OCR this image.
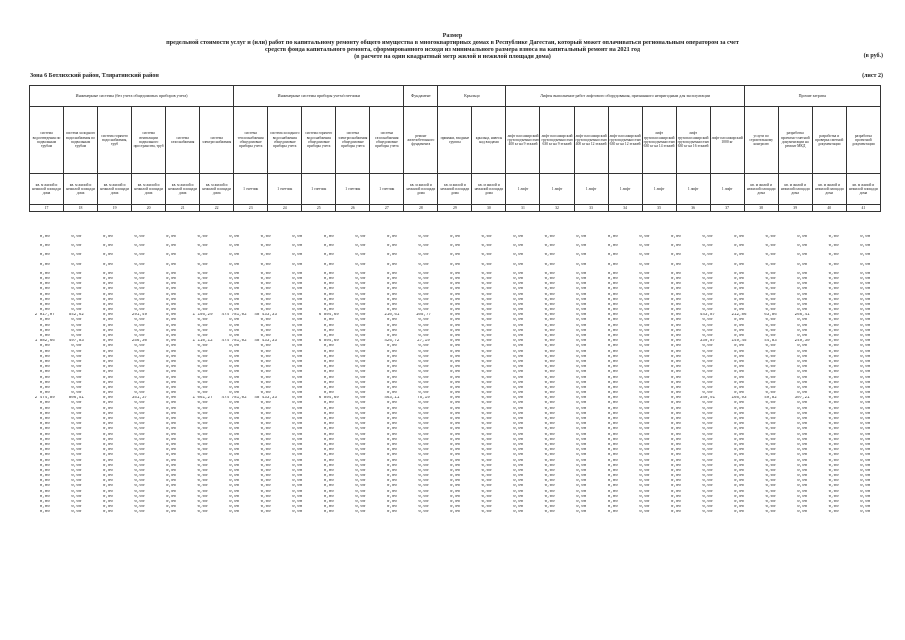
Размер
предельной стоимости услуг и (или) работ по капитальному ремонту общего имущества в многоквартирных домах в Республике Дагестан, который может оплачиваться региональным оператором за счет
средств фонда капитального ремонта, сформированного исходя из минимального размера взноса на капитальный ремонт на 2021 год
(в расчете на один квадратный метр жилой и нежилой площади дома)	(в руб.)
Зона 6 Ботлихский район, Тляратинский район	(лист 2)
Инженерные системы (без учета общедомовых приборов учета)						Инженерные системы приборы учета/счетчики					Фундамент	Крыльцо		Лифты выполнение работ лифтового оборудования, признанного непригодным для эксплуатации							Прочие затраты			
система водоотведения по подвальным трубам	система холодного водоснабжения по подвальным трубам	система горячего водоснабжения, труб	система вентиляции подвального пространства, труб	система газоснабжения	система электроснабжения	система теплоснабжения общедомовые приборы учета	система холодного водоснабжения общедомовые приборы учета	система горячего водоснабжения общедомовые приборы учета	система электроснабжения общедомовые приборы учета	система газоснабжения общедомовые приборы учета	ремонт железобетонного фундамента	приямки, входные группы	крыльца, навесы над входами	лифт пассажирский грузоподъемностью 400 кг на 9 этажей	лифт пассажирский грузоподъемностью 630 кг на 9 этажей	лифт пассажирский грузоподъемностью 400 кг на 12 этажей	лифт пассажирский грузоподъемностью 630 кг на 12 этажей	лифт грузопассажирский грузоподъемностью 630 кг на 14 этажей	лифт грузопассажирский грузоподъемностью 630 кг на 16 этажей	лифт пассажирский 1000 кг	услуги по строительному контролю	разработка проектно-сметной документации на ремонт МКД	разработка и проверка сметной документации	разработка проектной документации
кв. м жилой и нежилой площади дома	кв. м жилой и нежилой площади дома	кв. м жилой и нежилой площади дома	кв. м жилой и нежилой площади дома	кв. м жилой и нежилой площади дома	кв. м жилой и нежилой площади дома	1 счетчик	1 счетчик	1 счетчик	1 счетчик	1 счетчик	кв. м жилой и нежилой площади дома	кв. м жилой и нежилой площади дома	кв. м жилой и нежилой площади дома	1 лифт	1 лифт	1 лифт	1 лифт	1 лифт	1 лифт	1 лифт	кв. м жилой и нежилой площади дома	кв. м жилой и нежилой площади дома	кв. м жилой и нежилой площади дома	кв. м жилой и нежилой площади дома
17	18	19	20	21	22	23	24	25	26	27	28	29	30	31	32	33	34	35	36	37	38	39	40	41
0,00	0,00	0,00	0,00	0,00	0,00	0,00	0,00	0,00	0,00	0,00	0,00	0,00	0,00	0,00	0,00	0,00	0,00	0,00	0,00	0,00	0,00	0,00	0,00	0,00	0,00	0,00
0,00	0,00	0,00	0,00	0,00	0,00	0,00	0,00	0,00	0,00	0,00	0,00	0,00	0,00	0,00	0,00	0,00	0,00	0,00	0,00	0,00	0,00	0,00	0,00	0,00	0,00	0,00
0,00	0,00	0,00	0,00	0,00	0,00	0,00	0,00	0,00	0,00	0,00	0,00	0,00	0,00	0,00	0,00	0,00	0,00	0,00	0,00	0,00	0,00	0,00	0,00	0,00	0,00	0,00
0,00	0,00	0,00	0,00	0,00	0,00	0,00	0,00	0,00	0,00	0,00	0,00	0,00	0,00	0,00	0,00	0,00	0,00	0,00	0,00	0,00	0,00	0,00	0,00	0,00	0,00	0,00
0,00	0,00	0,00	0,00	0,00	0,00	0,00	0,00	0,00	0,00	0,00	0,00	0,00	0,00	0,00	0,00	0,00	0,00	0,00	0,00	0,00	0,00	0,00	0,00	0,00	0,00	0,00
0,00	0,00	0,00	0,00	0,00	0,00	0,00	0,00	0,00	0,00	0,00	0,00	0,00	0,00	0,00	0,00	0,00	0,00	0,00	0,00	0,00	0,00	0,00	0,00	0,00	0,00	0,00
0,00	0,00	0,00	0,00	0,00	0,00	0,00	0,00	0,00	0,00	0,00	0,00	0,00	0,00	0,00	0,00	0,00	0,00	0,00	0,00	0,00	0,00	0,00	0,00	0,00	0,00	0,00
0,00	0,00	0,00	0,00	0,00	0,00	0,00	0,00	0,00	0,00	0,00	0,00	0,00	0,00	0,00	0,00	0,00	0,00	0,00	0,00	0,00	0,00	0,00	0,00	0,00	0,00	0,00
0,00	0,00	0,00	0,00	0,00	0,00	0,00	0,00	0,00	0,00	0,00	0,00	0,00	0,00	0,00	0,00	0,00	0,00	0,00	0,00	0,00	0,00	0,00	0,00	0,00	0,00	0,00
0,00	0,00	0,00	0,00	0,00	0,00	0,00	0,00	0,00	0,00	0,00	0,00	0,00	0,00	0,00	0,00	0,00	0,00	0,00	0,00	0,00	0,00	0,00	0,00	0,00	0,00	0,00
0,00	0,00	0,00	0,00	0,00	0,00	0,00	0,00	0,00	0,00	0,00	0,00	0,00	0,00	0,00	0,00	0,00	0,00	0,00	0,00	0,00	0,00	0,00	0,00	0,00	0,00	0,00
0,00	0,00	0,00	0,00	0,00	0,00	0,00	0,00	0,00	0,00	0,00	0,00	0,00	0,00	0,00	0,00	0,00	0,00	0,00	0,00	0,00	0,00	0,00	0,00	0,00	0,00	0,00
2 017,07	542,62	0,00	291,49	0,00	1 195,29	474 781,02	48 433,33	0,00	6 894,69	0,00	210,61	105,77	0,00	0,00	0,00	0,00	0,00	0,00	0,00	0,00	443,87	212,86	63,86	266,41	0,00	0,00
0,00	0,00	0,00	0,00	0,00	0,00	0,00	0,00	0,00	0,00	0,00	0,00	0,00	0,00	0,00	0,00	0,00	0,00	0,00	0,00	0,00	0,00	0,00	0,00	0,00	0,00	0,00
0,00	0,00	0,00	0,00	0,00	0,00	0,00	0,00	0,00	0,00	0,00	0,00	0,00	0,00	0,00	0,00	0,00	0,00	0,00	0,00	0,00	0,00	0,00	0,00	0,00	0,00	0,00
0,00	0,00	0,00	0,00	0,00	0,00	0,00	0,00	0,00	0,00	0,00	0,00	0,00	0,00	0,00	0,00	0,00	0,00	0,00	0,00	0,00	0,00	0,00	0,00	0,00	0,00	0,00
0,00	0,00	0,00	0,00	0,00	0,00	0,00	0,00	0,00	0,00	0,00	0,00	0,00	0,00	0,00	0,00	0,00	0,00	0,00	0,00	0,00	0,00	0,00	0,00	0,00	0,00	0,00
1 882,66	497,83	0,00	256,30	0,00	1 110,12	474 781,02	48 433,33	0,00	6 894,69	0,00	426,72	27,19	0,00	0,00	0,00	0,00	0,00	0,00	0,00	0,00	339,87	149,45	44,83	249,30	0,00	0,00
0,00	0,00	0,00	0,00	0,00	0,00	0,00	0,00	0,00	0,00	0,00	0,00	0,00	0,00	0,00	0,00	0,00	0,00	0,00	0,00	0,00	0,00	0,00	0,00	0,00	0,00	0,00
0,00	0,00	0,00	0,00	0,00	0,00	0,00	0,00	0,00	0,00	0,00	0,00	0,00	0,00	0,00	0,00	0,00	0,00	0,00	0,00	0,00	0,00	0,00	0,00	0,00	0,00	0,00
0,00	0,00	0,00	0,00	0,00	0,00	0,00	0,00	0,00	0,00	0,00	0,00	0,00	0,00	0,00	0,00	0,00	0,00	0,00	0,00	0,00	0,00	0,00	0,00	0,00	0,00	0,00
0,00	0,00	0,00	0,00	0,00	0,00	0,00	0,00	0,00	0,00	0,00	0,00	0,00	0,00	0,00	0,00	0,00	0,00	0,00	0,00	0,00	0,00	0,00	0,00	0,00	0,00	0,00
0,00	0,00	0,00	0,00	0,00	0,00	0,00	0,00	0,00	0,00	0,00	0,00	0,00	0,00	0,00	0,00	0,00	0,00	0,00	0,00	0,00	0,00	0,00	0,00	0,00	0,00	0,00
0,00	0,00	0,00	0,00	0,00	0,00	0,00	0,00	0,00	0,00	0,00	0,00	0,00	0,00	0,00	0,00	0,00	0,00	0,00	0,00	0,00	0,00	0,00	0,00	0,00	0,00	0,00
0,00	0,00	0,00	0,00	0,00	0,00	0,00	0,00	0,00	0,00	0,00	0,00	0,00	0,00	0,00	0,00	0,00	0,00	0,00	0,00	0,00	0,00	0,00	0,00	0,00	0,00	0,00
0,00	0,00	0,00	0,00	0,00	0,00	0,00	0,00	0,00	0,00	0,00	0,00	0,00	0,00	0,00	0,00	0,00	0,00	0,00	0,00	0,00	0,00	0,00	0,00	0,00	0,00	0,00
0,00	0,00	0,00	0,00	0,00	0,00	0,00	0,00	0,00	0,00	0,00	0,00	0,00	0,00	0,00	0,00	0,00	0,00	0,00	0,00	0,00	0,00	0,00	0,00	0,00	0,00	0,00
0,00	0,00	0,00	0,00	0,00	0,00	0,00	0,00	0,00	0,00	0,00	0,00	0,00	0,00	0,00	0,00	0,00	0,00	0,00	0,00	0,00	0,00	0,00	0,00	0,00	0,00	0,00
2 474,89	806,51	0,00	351,37	0,00	1 061,27	474 781,02	48 433,33	0,00	6 894,69	0,00	463,11	75,19	0,00	0,00	0,00	0,00	0,00	0,00	0,00	0,00	349,91	166,93	49,82	307,21	0,00	0,00
0,00	0,00	0,00	0,00	0,00	0,00	0,00	0,00	0,00	0,00	0,00	0,00	0,00	0,00	0,00	0,00	0,00	0,00	0,00	0,00	0,00	0,00	0,00	0,00	0,00	0,00	0,00
0,00	0,00	0,00	0,00	0,00	0,00	0,00	0,00	0,00	0,00	0,00	0,00	0,00	0,00	0,00	0,00	0,00	0,00	0,00	0,00	0,00	0,00	0,00	0,00	0,00	0,00	0,00
0,00	0,00	0,00	0,00	0,00	0,00	0,00	0,00	0,00	0,00	0,00	0,00	0,00	0,00	0,00	0,00	0,00	0,00	0,00	0,00	0,00	0,00	0,00	0,00	0,00	0,00	0,00
0,00	0,00	0,00	0,00	0,00	0,00	0,00	0,00	0,00	0,00	0,00	0,00	0,00	0,00	0,00	0,00	0,00	0,00	0,00	0,00	0,00	0,00	0,00	0,00	0,00	0,00	0,00
0,00	0,00	0,00	0,00	0,00	0,00	0,00	0,00	0,00	0,00	0,00	0,00	0,00	0,00	0,00	0,00	0,00	0,00	0,00	0,00	0,00	0,00	0,00	0,00	0,00	0,00	0,00
0,00	0,00	0,00	0,00	0,00	0,00	0,00	0,00	0,00	0,00	0,00	0,00	0,00	0,00	0,00	0,00	0,00	0,00	0,00	0,00	0,00	0,00	0,00	0,00	0,00	0,00	0,00
0,00	0,00	0,00	0,00	0,00	0,00	0,00	0,00	0,00	0,00	0,00	0,00	0,00	0,00	0,00	0,00	0,00	0,00	0,00	0,00	0,00	0,00	0,00	0,00	0,00	0,00	0,00
0,00	0,00	0,00	0,00	0,00	0,00	0,00	0,00	0,00	0,00	0,00	0,00	0,00	0,00	0,00	0,00	0,00	0,00	0,00	0,00	0,00	0,00	0,00	0,00	0,00	0,00	0,00
0,00	0,00	0,00	0,00	0,00	0,00	0,00	0,00	0,00	0,00	0,00	0,00	0,00	0,00	0,00	0,00	0,00	0,00	0,00	0,00	0,00	0,00	0,00	0,00	0,00	0,00	0,00
0,00	0,00	0,00	0,00	0,00	0,00	0,00	0,00	0,00	0,00	0,00	0,00	0,00	0,00	0,00	0,00	0,00	0,00	0,00	0,00	0,00	0,00	0,00	0,00	0,00	0,00	0,00
0,00	0,00	0,00	0,00	0,00	0,00	0,00	0,00	0,00	0,00	0,00	0,00	0,00	0,00	0,00	0,00	0,00	0,00	0,00	0,00	0,00	0,00	0,00	0,00	0,00	0,00	0,00
0,00	0,00	0,00	0,00	0,00	0,00	0,00	0,00	0,00	0,00	0,00	0,00	0,00	0,00	0,00	0,00	0,00	0,00	0,00	0,00	0,00	0,00	0,00	0,00	0,00	0,00	0,00
0,00	0,00	0,00	0,00	0,00	0,00	0,00	0,00	0,00	0,00	0,00	0,00	0,00	0,00	0,00	0,00	0,00	0,00	0,00	0,00	0,00	0,00	0,00	0,00	0,00	0,00	0,00
0,00	0,00	0,00	0,00	0,00	0,00	0,00	0,00	0,00	0,00	0,00	0,00	0,00	0,00	0,00	0,00	0,00	0,00	0,00	0,00	0,00	0,00	0,00	0,00	0,00	0,00	0,00
0,00	0,00	0,00	0,00	0,00	0,00	0,00	0,00	0,00	0,00	0,00	0,00	0,00	0,00	0,00	0,00	0,00	0,00	0,00	0,00	0,00	0,00	0,00	0,00	0,00	0,00	0,00
0,00	0,00	0,00	0,00	0,00	0,00	0,00	0,00	0,00	0,00	0,00	0,00	0,00	0,00	0,00	0,00	0,00	0,00	0,00	0,00	0,00	0,00	0,00	0,00	0,00	0,00	0,00
0,00	0,00	0,00	0,00	0,00	0,00	0,00	0,00	0,00	0,00	0,00	0,00	0,00	0,00	0,00	0,00	0,00	0,00	0,00	0,00	0,00	0,00	0,00	0,00	0,00	0,00	0,00
0,00	0,00	0,00	0,00	0,00	0,00	0,00	0,00	0,00	0,00	0,00	0,00	0,00	0,00	0,00	0,00	0,00	0,00	0,00	0,00	0,00	0,00	0,00	0,00	0,00	0,00	0,00
0,00	0,00	0,00	0,00	0,00	0,00	0,00	0,00	0,00	0,00	0,00	0,00	0,00	0,00	0,00	0,00	0,00	0,00	0,00	0,00	0,00	0,00	0,00	0,00	0,00	0,00	0,00
0,00	0,00	0,00	0,00	0,00	0,00	0,00	0,00	0,00	0,00	0,00	0,00	0,00	0,00	0,00	0,00	0,00	0,00	0,00	0,00	0,00	0,00	0,00	0,00	0,00	0,00	0,00
0,00	0,00	0,00	0,00	0,00	0,00	0,00	0,00	0,00	0,00	0,00	0,00	0,00	0,00	0,00	0,00	0,00	0,00	0,00	0,00	0,00	0,00	0,00	0,00	0,00	0,00	0,00
0,00	0,00	0,00	0,00	0,00	0,00	0,00	0,00	0,00	0,00	0,00	0,00	0,00	0,00	0,00	0,00	0,00	0,00	0,00	0,00	0,00	0,00	0,00	0,00	0,00	0,00	0,00
